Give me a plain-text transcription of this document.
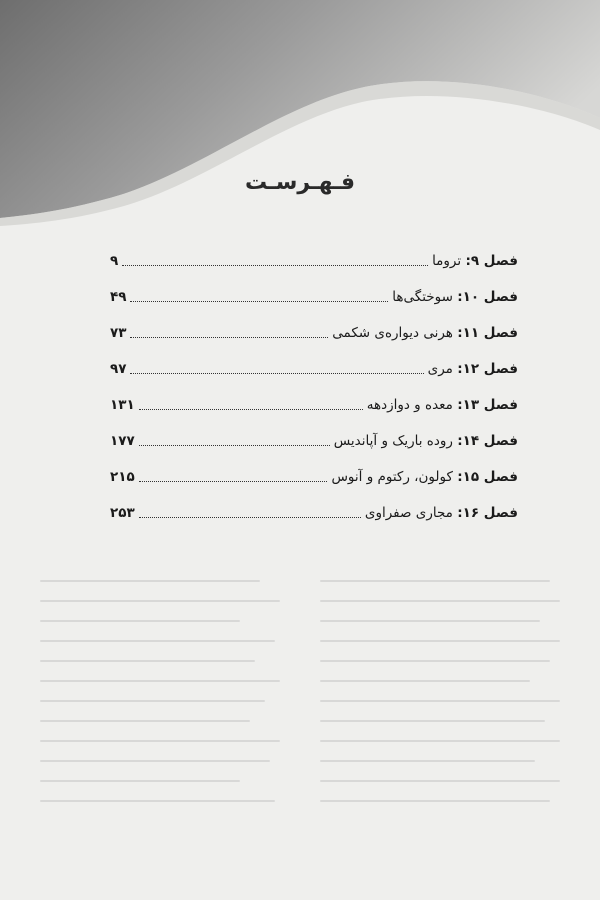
فـهـرسـت
فصل ۹: تروما
۹
فصل ۱۰: سوختگی‌ها
۴۹
فصل ۱۱: هرنی دیواره‌ی شکمی
۷۳
فصل ۱۲: مری
۹۷
فصل ۱۳: معده و دوازدهه
۱۳۱
فصل ۱۴: روده باریک و آپاندیس
۱۷۷
فصل ۱۵: کولون، رکتوم و آنوس
۲۱۵
فصل ۱۶: مجاری صفراوی
۲۵۳
